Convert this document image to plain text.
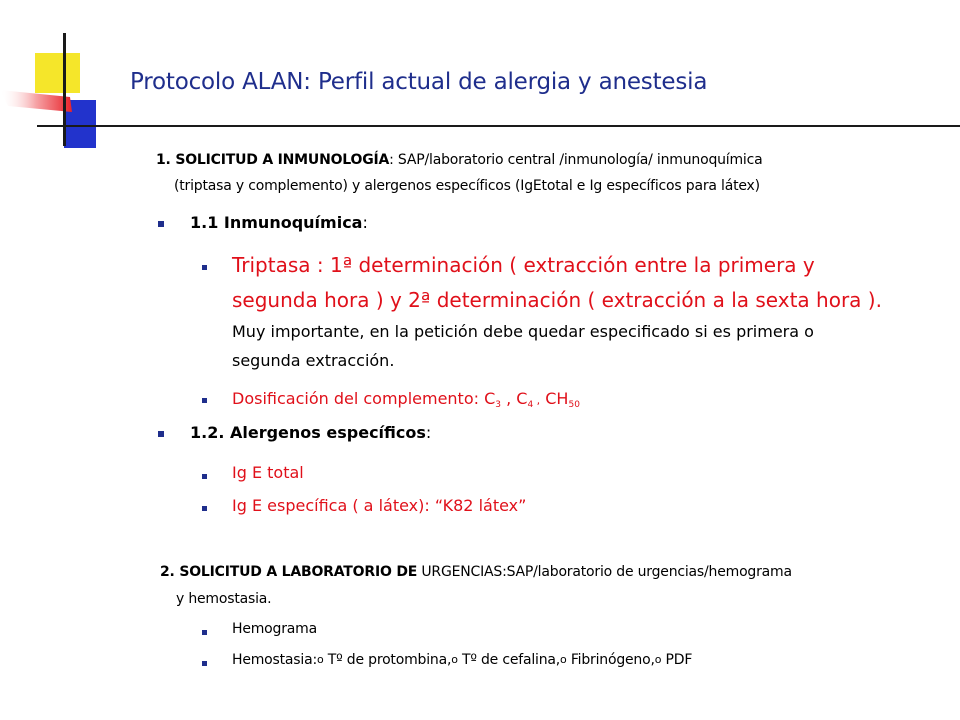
Protocolo ALAN: Perfil actual de alergia y anestesia
1. SOLICITUD A INMUNOLOGÍA: SAP/laboratorio central /inmunología/ inmunoquímica
(triptasa y complemento) y alergenos específicos (IgEtotal e Ig específicos para látex)
1.1 Inmunoquímica:
Triptasa : 1ª determinación ( extracción entre la primera y
segunda hora ) y 2ª determinación ( extracción a la sexta hora ).
Muy importante, en la petición debe quedar especificado si es primera o
segunda extracción.
Dosificación del complemento: $C_3$ , $C_4$ , $CH_{50}$
1.2. Alergenos específicos:
Ig E total
Ig E específica ( a látex): “K82 látex”
2. SOLICITUD A LABORATORIO DE URGENCIAS:SAP/laboratorio de urgencias/hemograma
y hemostasia.
Hemograma
Hemostasia:o Tº de protombina,o Tº de cefalina,o Fibrinógeno,o PDF
